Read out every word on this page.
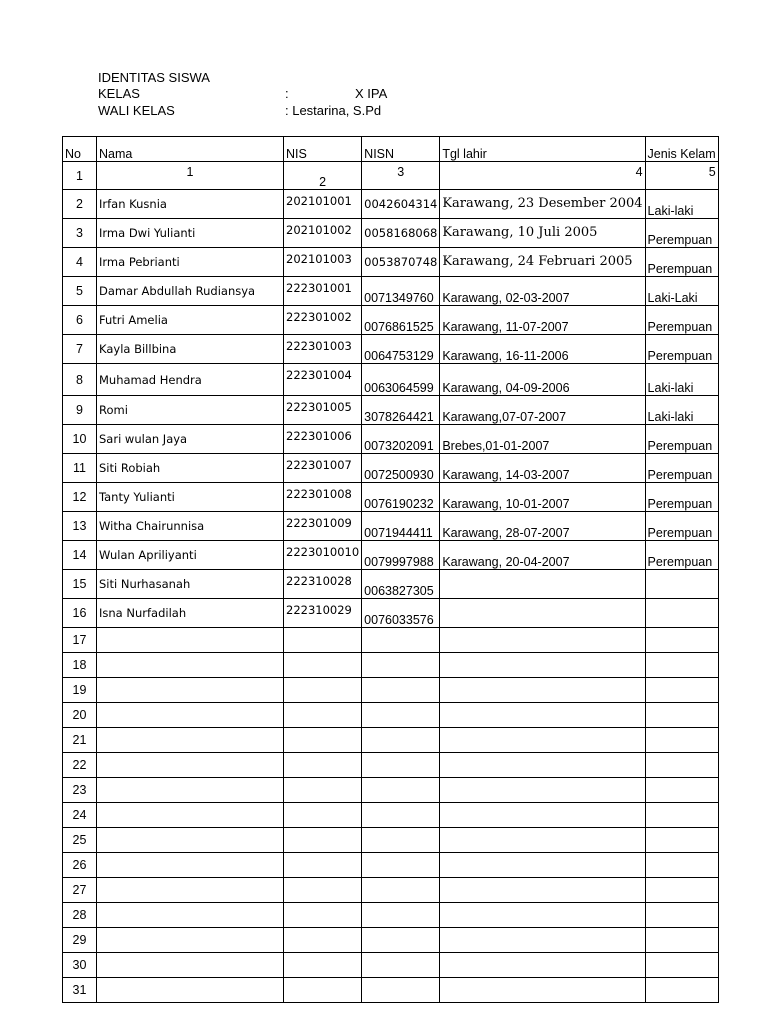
IDENTITAS SISWA
KELAS	:	X IPA
WALI KELAS	: Lestarina, S.Pd
No	Nama	NIS	NISN	Tgl lahir	Jenis Kelam
1	1	2	3	4	5
2	Irfan Kusnia	202101001	0042604314	Karawang, 23 Desember 2004	Laki-laki
3	Irma Dwi Yulianti	202101002	0058168068	Karawang, 10 Juli 2005	Perempuan
4	Irma Pebrianti	202101003	0053870748	Karawang, 24 Februari 2005	Perempuan
5	Damar Abdullah Rudiansya	222301001	0071349760	Karawang, 02-03-2007	Laki-Laki
6	Futri Amelia	222301002	0076861525	Karawang, 11-07-2007	Perempuan
7	Kayla Billbina	222301003	0064753129	Karawang, 16-11-2006	Perempuan
8	Muhamad Hendra	222301004	0063064599	Karawang, 04-09-2006	Laki-laki
9	Romi	222301005	3078264421	Karawang,07-07-2007	Laki-laki
10	Sari wulan Jaya	222301006	0073202091	Brebes,01-01-2007	Perempuan
11	Siti Robiah	222301007	0072500930	Karawang, 14-03-2007	Perempuan
12	Tanty Yulianti	222301008	0076190232	Karawang, 10-01-2007	Perempuan
13	Witha Chairunnisa	222301009	0071944411	Karawang, 28-07-2007	Perempuan
14	Wulan Apriliyanti	2223010010	0079997988	Karawang, 20-04-2007	Perempuan
15	Siti Nurhasanah	222310028	0063827305		
16	Isna Nurfadilah	222310029	0076033576		
17					
18					
19					
20					
21					
22					
23					
24					
25					
26					
27					
28					
29					
30					
31					
